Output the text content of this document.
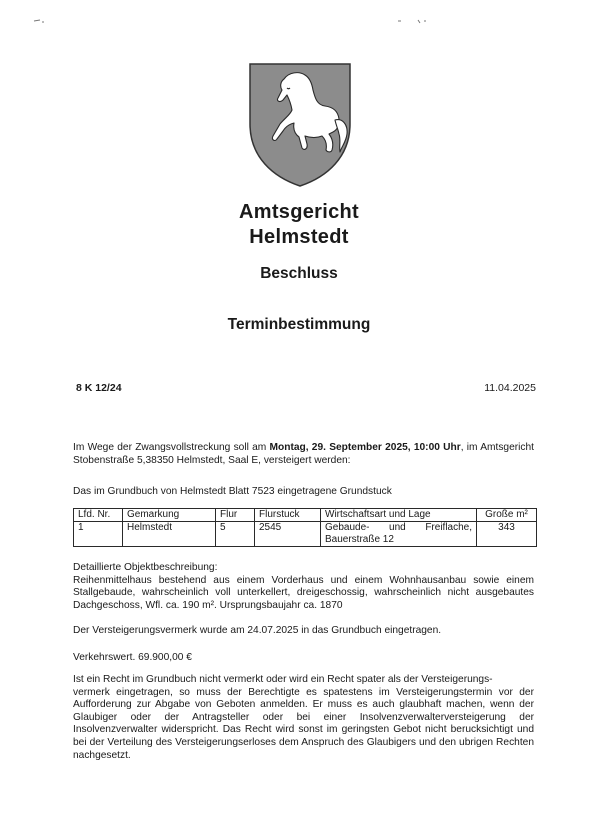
Amtsgericht
Helmstedt
Beschluss
Terminbestimmung
8 K 12/24	11.04.2025
Im Wege der Zwangsvollstreckung soll am Montag, 29. September 2025, 10:00 Uhr, im Amtsgericht Stobenstraße 5,38350 Helmstedt, Saal E, versteigert werden:
Das im Grundbuch von Helmstedt Blatt 7523 eingetragene Grundstuck
Lfd. Nr.	Gemarkung	Flur	Flurstuck	Wirtschaftsart und Lage	Große m²
1	Helmstedt	5	2545	Gebaude- und Freiflache, Bauerstraße 12	343
Detaillierte Objektbeschreibung:
Reihenmittelhaus bestehend aus einem Vorderhaus und einem Wohnhausanbau sowie einem Stallgebaude, wahrscheinlich voll unterkellert, dreigeschossig, wahrscheinlich nicht ausgebautes Dachgeschoss, Wfl. ca. 190 m². Ursprungsbaujahr ca. 1870
Der Versteigerungsvermerk wurde am 24.07.2025 in das Grundbuch eingetragen.
Verkehrswert. 69.900,00 €
Ist ein Recht im Grundbuch nicht vermerkt oder wird ein Recht spater als der Versteigerungs-
vermerk eingetragen, so muss der Berechtigte es spatestens im Versteigerungstermin vor der Aufforderung zur Abgabe von Geboten anmelden. Er muss es auch glaubhaft machen, wenn der Glaubiger oder der Antragsteller oder bei einer Insolvenzverwalterversteigerung der Insolvenzverwalter widerspricht. Das Recht wird sonst im geringsten Gebot nicht berucksichtigt und bei der Verteilung des Versteigerungserloses dem Anspruch des Glaubigers und den ubrigen Rechten nachgesetzt.
